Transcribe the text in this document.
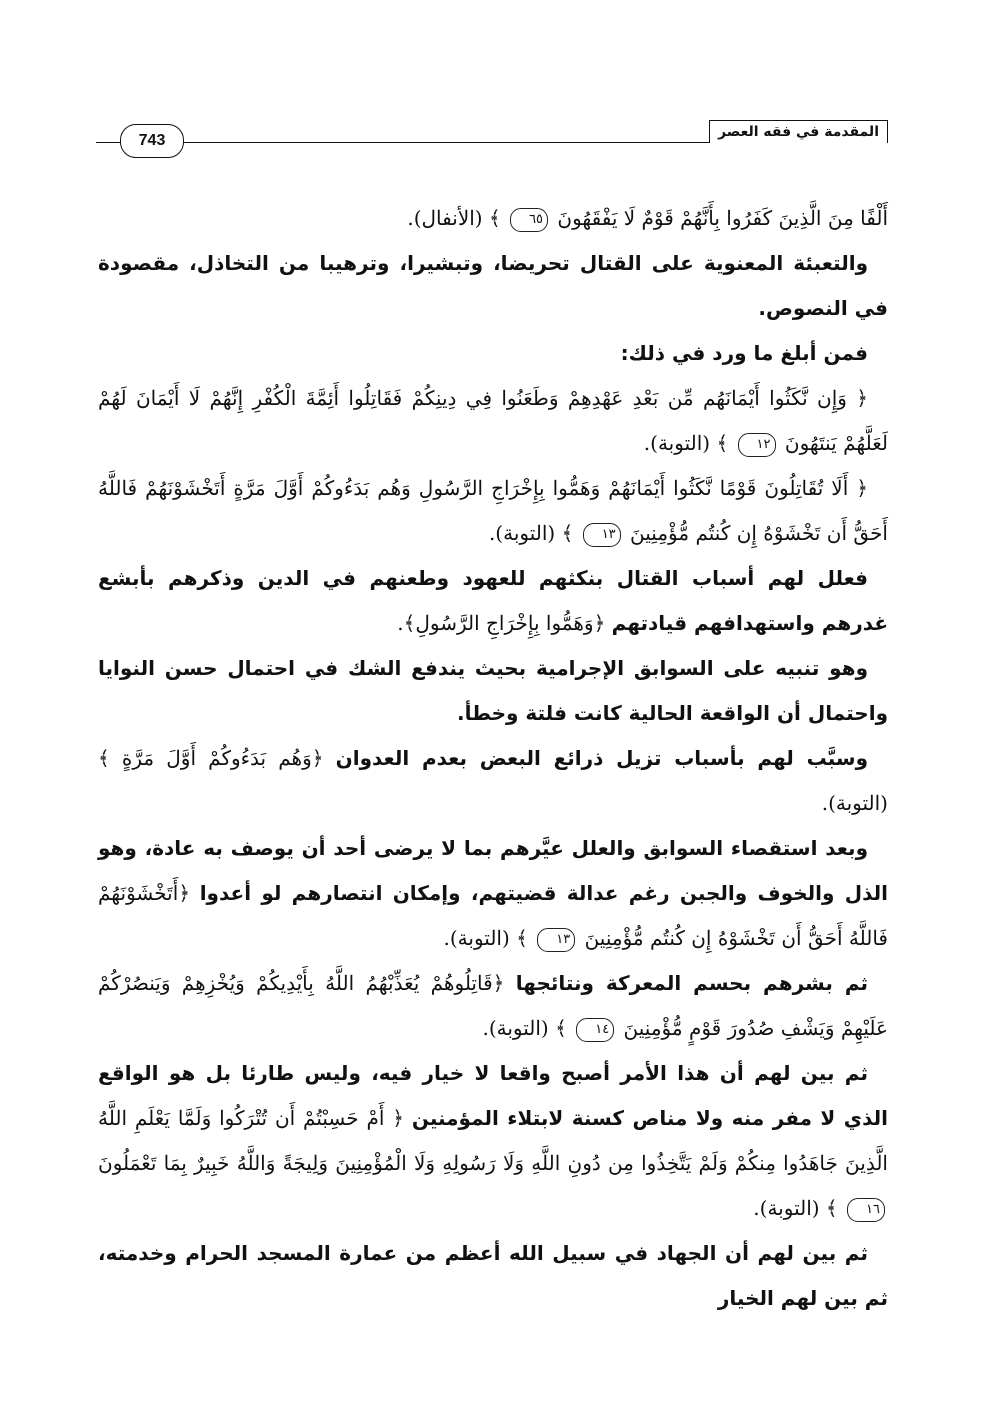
المقدمة في فقه العصر
743

أَلْفًا مِنَ الَّذِينَ كَفَرُوا بِأَنَّهُمْ قَوْمٌ لَا يَفْقَهُونَ ٦٥ ﴾ (الأنفال).

والتعبئة المعنوية على القتال تحريضا، وتبشيرا، وترهيبا من التخاذل، مقصودة في النصوص.

فمن أبلغ ما ورد في ذلك:

﴿ وَإِن نَّكَثُوا أَيْمَانَهُم مِّن بَعْدِ عَهْدِهِمْ وَطَعَنُوا فِي دِينِكُمْ فَقَاتِلُوا أَئِمَّةَ الْكُفْرِ إِنَّهُمْ لَا أَيْمَانَ لَهُمْ لَعَلَّهُمْ يَنتَهُونَ ١٢ ﴾ (التوبة).

﴿ أَلَا تُقَاتِلُونَ قَوْمًا نَّكَثُوا أَيْمَانَهُمْ وَهَمُّوا بِإِخْرَاجِ الرَّسُولِ وَهُم بَدَءُوكُمْ أَوَّلَ مَرَّةٍ أَتَخْشَوْنَهُمْ فَاللَّهُ أَحَقُّ أَن تَخْشَوْهُ إِن كُنتُم مُّؤْمِنِينَ ١٣ ﴾ (التوبة).

فعلل لهم أسباب القتال بنكثهم للعهود وطعنهم في الدين وذكرهم بأبشع غدرهم واستهدافهم قيادتهم ﴿وَهَمُّوا بِإِخْرَاجِ الرَّسُولِ﴾.

وهو تنبيه على السوابق الإجرامية بحيث يندفع الشك في احتمال حسن النوايا واحتمال أن الواقعة الحالية كانت فلتة وخطأ.

وسبَّب لهم بأسباب تزيل ذرائع البعض بعدم العدوان ﴿وَهُم بَدَءُوكُمْ أَوَّلَ مَرَّةٍ ﴾ (التوبة).

وبعد استقصاء السوابق والعلل عيَّرهم بما لا يرضى أحد أن يوصف به عادة، وهو الذل والخوف والجبن رغم عدالة قضيتهم، وإمكان انتصارهم لو أعدوا ﴿أَتَخْشَوْنَهُمْ فَاللَّهُ أَحَقُّ أَن تَخْشَوْهُ إِن كُنتُم مُّؤْمِنِينَ ١٣ ﴾ (التوبة).

ثم بشرهم بحسم المعركة ونتائجها ﴿قَاتِلُوهُمْ يُعَذِّبْهُمُ اللَّهُ بِأَيْدِيكُمْ وَيُخْزِهِمْ وَيَنصُرْكُمْ عَلَيْهِمْ وَيَشْفِ صُدُورَ قَوْمٍ مُّؤْمِنِينَ ١٤ ﴾ (التوبة).

ثم بين لهم أن هذا الأمر أصبح واقعا لا خيار فيه، وليس طارئا بل هو الواقع الذي لا مفر منه ولا مناص كسنة لابتلاء المؤمنين ﴿ أَمْ حَسِبْتُمْ أَن تُتْرَكُوا وَلَمَّا يَعْلَمِ اللَّهُ الَّذِينَ جَاهَدُوا مِنكُمْ وَلَمْ يَتَّخِذُوا مِن دُونِ اللَّهِ وَلَا رَسُولِهِ وَلَا الْمُؤْمِنِينَ وَلِيجَةً وَاللَّهُ خَبِيرٌ بِمَا تَعْمَلُونَ ١٦ ﴾ (التوبة).

ثم بين لهم أن الجهاد في سبيل الله أعظم من عمارة المسجد الحرام وخدمته، ثم بين لهم الخيار
